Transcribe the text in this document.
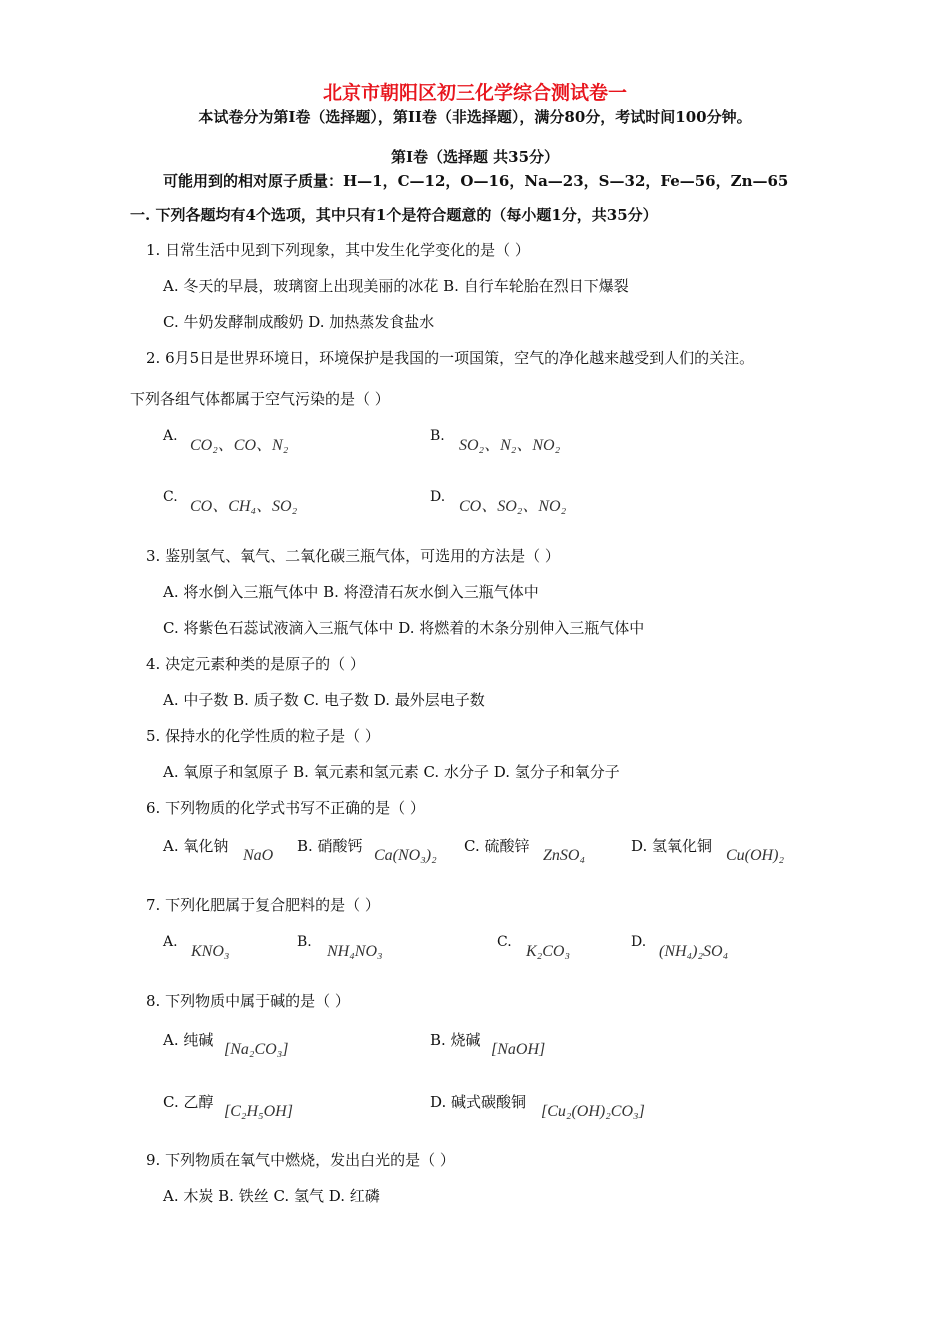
北京市朝阳区初三化学综合测试卷一
本试卷分为第I卷（选择题），第II卷（非选择题），满分80分，考试时间100分钟。
第I卷（选择题 共35分）
可能用到的相对原子质量：H—1，C—12，O—16，Na—23，S—32，Fe—56，Zn—65
一. 下列各题均有4个选项，其中只有1个是符合题意的（每小题1分，共35分）
1. 日常生活中见到下列现象，其中发生化学变化的是（ ）
A. 冬天的早晨，玻璃窗上出现美丽的冰花 B. 自行车轮胎在烈日下爆裂
C. 牛奶发酵制成酸奶 D. 加热蒸发食盐水
2. 6月5日是世界环境日，环境保护是我国的一项国策，空气的净化越来越受到人们的关注。
下列各组气体都属于空气污染的是（ ）
A.
CO₂、CO、N₂
B.
SO₂、N₂、NO₂
C.
CO、CH₄、SO₂
D.
CO、SO₂、NO₂
3. 鉴别氢气、氧气、二氧化碳三瓶气体，可选用的方法是（ ）
A. 将水倒入三瓶气体中 B. 将澄清石灰水倒入三瓶气体中
C. 将紫色石蕊试液滴入三瓶气体中 D. 将燃着的木条分别伸入三瓶气体中
4. 决定元素种类的是原子的（ ）
A. 中子数 B. 质子数 C. 电子数 D. 最外层电子数
5. 保持水的化学性质的粒子是（ ）
A. 氧原子和氢原子 B. 氧元素和氢元素 C. 水分子 D. 氢分子和氧分子
6. 下列物质的化学式书写不正确的是（ ）
A. 氧化钠
NaO
B. 硝酸钙
Ca(NO₃)₂
C. 硫酸锌
ZnSO₄
D. 氢氧化铜
Cu(OH)₂
7. 下列化肥属于复合肥料的是（ ）
A.
KNO₃
B.
NH₄NO₃
C.
K₂CO₃
D.
(NH₄)₂SO₄
8. 下列物质中属于碱的是（ ）
A. 纯碱
[Na₂CO₃]
B. 烧碱
[NaOH]
C. 乙醇
[C₂H₅OH]
D. 碱式碳酸铜
[Cu₂(OH)₂CO₃]
9. 下列物质在氧气中燃烧，发出白光的是（ ）
A. 木炭 B. 铁丝 C. 氢气 D. 红磷
